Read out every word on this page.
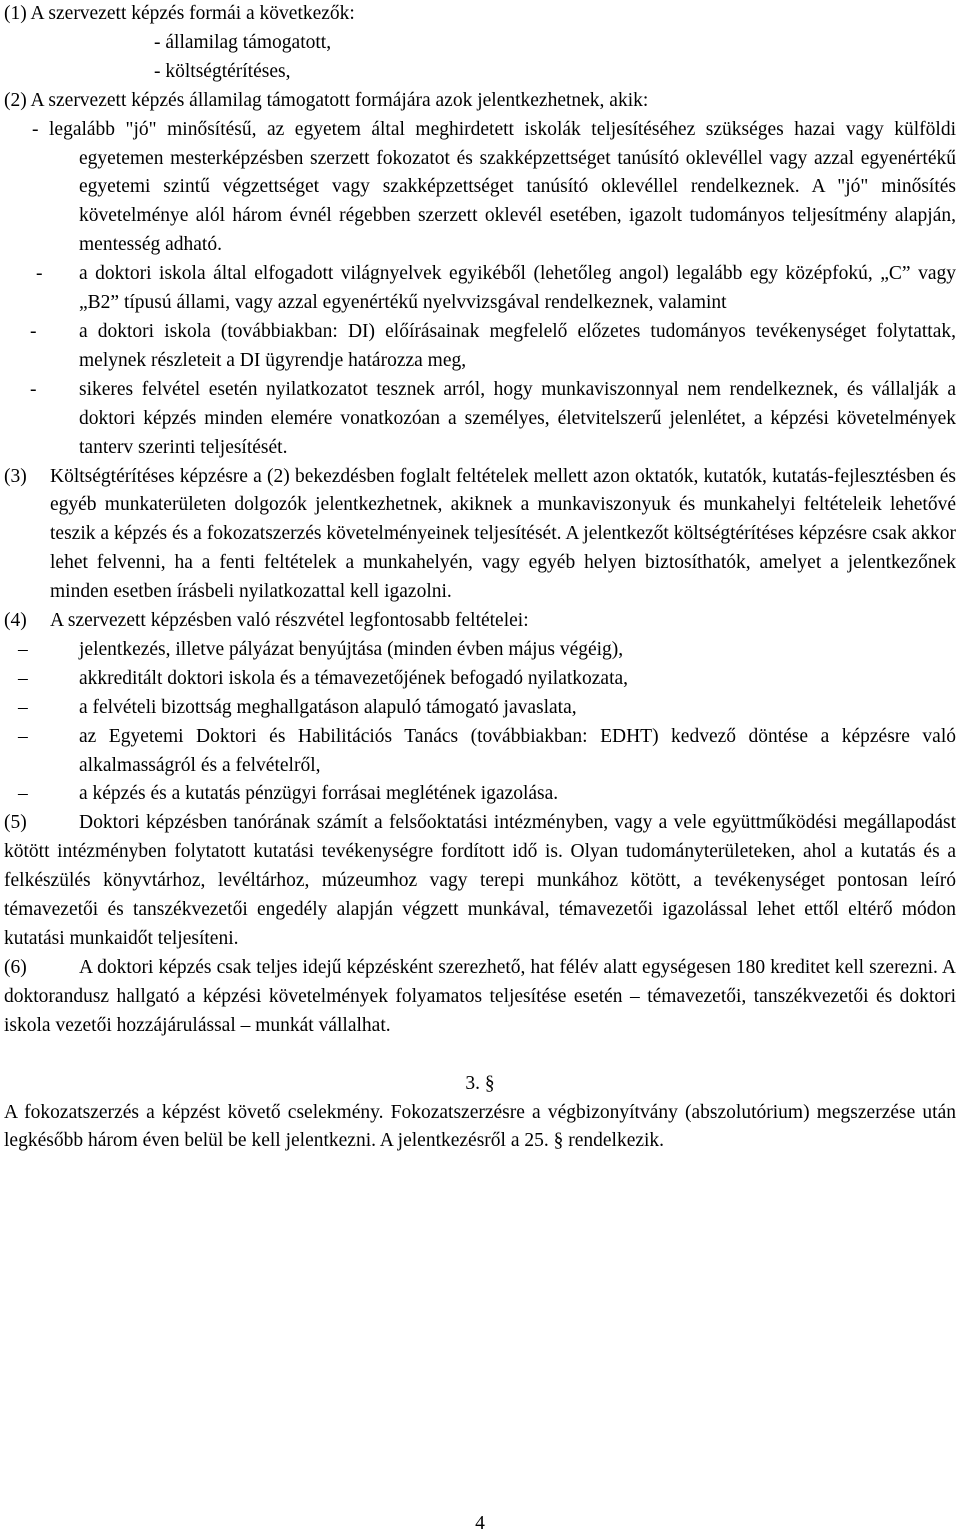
(1) A szervezett képzés formái a következők:
- államilag támogatott,
- költségtérítéses,
(2) A szervezett képzés államilag támogatott formájára azok jelentkezhetnek, akik:

- legalább "jó" minősítésű, az egyetem által meghirdetett iskolák teljesítéséhez szükséges hazai vagy külföldi egyetemen mesterképzésben szerzett fokozatot és szakképzettséget tanúsító oklevéllel vagy azzal egyenértékű egyetemi szintű végzettséget vagy szakképzettséget tanúsító oklevéllel rendelkeznek. A "jó" minősítés követelménye alól három évnél régebben szerzett oklevél esetében, igazolt tudományos teljesítmény alapján, mentesség adható.

- a doktori iskola által elfogadott világnyelvek egyikéből (lehetőleg angol) legalább egy középfokú, „C” vagy „B2” típusú állami, vagy azzal egyenértékű nyelvvizsgával rendelkeznek, valamint

- a doktori iskola (továbbiakban: DI) előírásainak megfelelő előzetes tudományos tevékenységet folytattak, melynek részleteit a DI ügyrendje határozza meg,

- sikeres felvétel esetén nyilatkozatot tesznek arról, hogy munkaviszonnyal nem rendelkeznek, és vállalják a doktori képzés minden elemére vonatkozóan a személyes, életvitelszerű jelenlétet, a képzési követelmények tanterv szerinti teljesítését.

(3) Költségtérítéses képzésre a (2) bekezdésben foglalt feltételek mellett azon oktatók, kutatók, kutatás-fejlesztésben és egyéb munkaterületen dolgozók jelentkezhetnek, akiknek a munkaviszonyuk és munkahelyi feltételeik lehetővé teszik a képzés és a fokozatszerzés követelményeinek teljesítését. A jelentkezőt költségtérítéses képzésre csak akkor lehet felvenni, ha a fenti feltételek a munkahelyén, vagy egyéb helyen biztosíthatók, amelyet a jelentkezőnek minden esetben írásbeli nyilatkozattal kell igazolni.

(4) A szervezett képzésben való részvétel legfontosabb feltételei:
–	jelentkezés, illetve pályázat benyújtása (minden évben május végéig),

–	akkreditált doktori iskola és a témavezetőjének befogadó nyilatkozata,

–	a felvételi bizottság meghallgatáson alapuló támogató javaslata,

–	az Egyetemi Doktori és Habilitációs Tanács (továbbiakban: EDHT) kedvező döntése a képzésre való alkalmasságról és a felvételről,

–	a képzés és a kutatás pénzügyi forrásai meglétének igazolása.

(5)	Doktori képzésben tanórának számít a felsőoktatási intézményben, vagy a vele együttműködési megállapodást kötött intézményben folytatott kutatási tevékenységre fordított idő is. Olyan tudományterületeken, ahol a kutatás és a felkészülés könyvtárhoz, levéltárhoz, múzeumhoz vagy terepi munkához kötött, a tevékenységet pontosan leíró témavezetői és tanszékvezetői engedély alapján végzett munkával, témavezetői igazolással lehet ettől eltérő módon kutatási munkaidőt teljesíteni.

(6)	A doktori képzés csak teljes idejű képzésként szerezhető, hat félév alatt egységesen 180 kreditet kell szerezni. A doktorandusz hallgató a képzési követelmények folyamatos teljesítése esetén – témavezetői, tanszékvezetői és doktori iskola vezetői hozzájárulással – munkát vállalhat.

3. §

A fokozatszerzés a képzést követő cselekmény. Fokozatszerzésre a végbizonyítvány (abszolutórium) megszerzése után legkésőbb három éven belül be kell jelentkezni. A jelentkezésről a 25. § rendelkezik.

4
